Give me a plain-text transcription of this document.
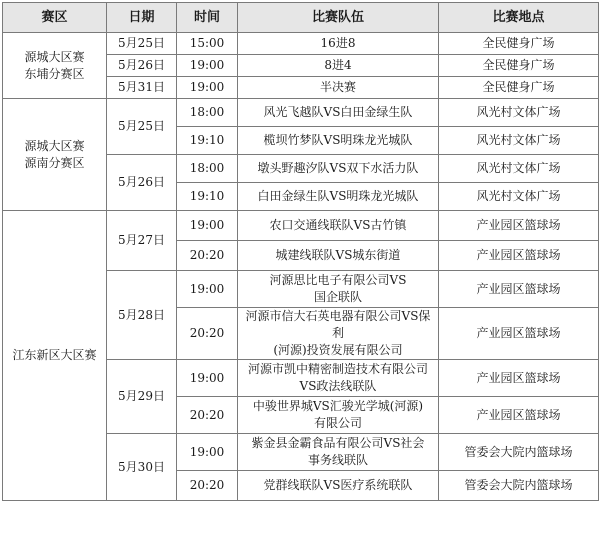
赛区	日期	时间	比赛队伍	比赛地点
源城大区赛
东埔分赛区	5月25日	15:00	16进8	全民健身广场
	5月26日	19:00	8进4	全民健身广场
	5月31日	19:00	半决赛	全民健身广场
源城大区赛
源南分赛区	5月25日	18:00	风光飞越队VS白田金绿生队	风光村文体广场
		19:10	榄坝竹梦队VS明珠龙光城队	风光村文体广场
	5月26日	18:00	墩头野趣汐队VS双下水活力队	风光村文体广场
		19:10	白田金绿生队VS明珠龙光城队	风光村文体广场
江东新区大区赛	5月27日	19:00	农口交通线联队VS古竹镇	产业园区篮球场
		20:20	城建线联队VS城东街道	产业园区篮球场
	5月28日	19:00	河源思比电子有限公司VS
国企联队	产业园区篮球场
		20:20	河源市信大石英电器有限公司VS保利
(河源)投资发展有限公司	产业园区篮球场
	5月29日	19:00	河源市凯中精密制造技术有限公司
VS政法线联队	产业园区篮球场
		20:20	中骏世界城VS汇骏光学城(河源)
有限公司	产业园区篮球场
	5月30日	19:00	紫金县金霸食品有限公司VS社会
事务线联队	管委会大院内篮球场
		20:20	党群线联队VS医疗系统联队	管委会大院内篮球场
